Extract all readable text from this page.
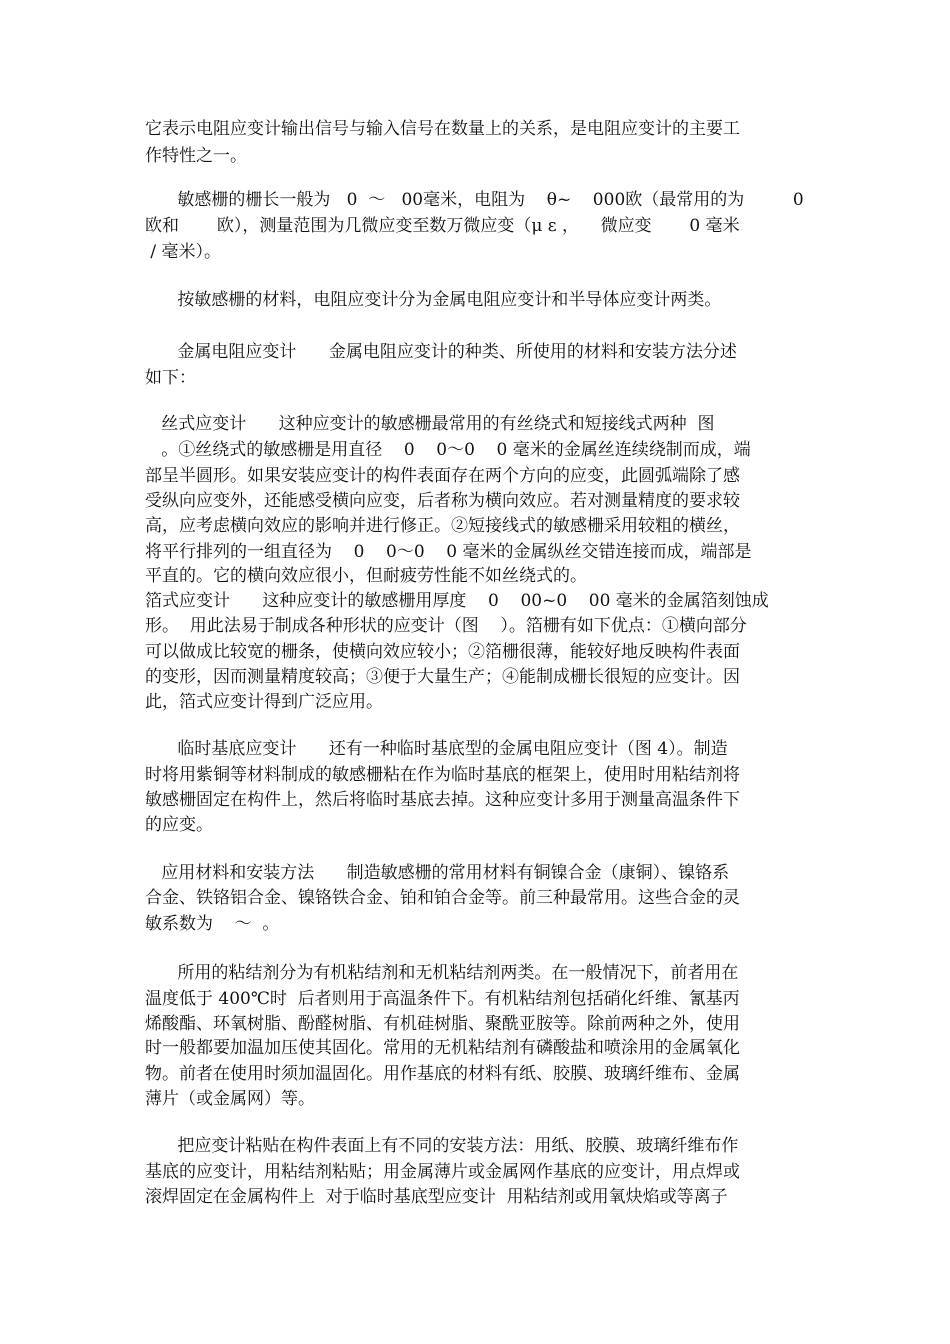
它表示电阻应变计输出信号与输入信号在数量上的关系，是电阻应变计的主要工
作特性之一。
敏感栅的栅长一般为   0  ～   00毫米，电阻为    θ~    000欧（最常用的为         0
欧和       欧），测量范围为几微应变至数万微应变（μ ε ，    微应变       0 毫米
/ 毫米）。
按敏感栅的材料，电阻应变计分为金属电阻应变计和半导体应变计两类。
金属电阻应变计      金属电阻应变计的种类、所使用的材料和安装方法分述
如下：
丝式应变计      这种应变计的敏感栅最常用的有丝绕式和短接线式两种  图
。①丝绕式的敏感栅是用直径    0    0～0    0 毫米的金属丝连续绕制而成，端
部呈半圆形。如果安装应变计的构件表面存在两个方向的应变，此圆弧端除了感
受纵向应变外，还能感受横向应变，后者称为横向效应。若对测量精度的要求较
高，应考虑横向效应的影响并进行修正。②短接线式的敏感栅采用较粗的横丝，
将平行排列的一组直径为    0    0～0    0 毫米的金属纵丝交错连接而成，端部是
平直的。它的横向效应很小，但耐疲劳性能不如丝绕式的。
箔式应变计      这种应变计的敏感栅用厚度    0    00~0    00 毫米的金属箔刻蚀成
形。  用此法易于制成各种形状的应变计（图    ）。箔栅有如下优点：①横向部分
可以做成比较宽的栅条，使横向效应较小；②箔栅很薄，能较好地反映构件表面
的变形，因而测量精度较高；③便于大量生产；④能制成栅长很短的应变计。因
此，箔式应变计得到广泛应用。
临时基底应变计      还有一种临时基底型的金属电阻应变计（图 4）。制造
时将用紫铜等材料制成的敏感栅粘在作为临时基底的框架上，使用时用粘结剂将
敏感栅固定在构件上，然后将临时基底去掉。这种应变计多用于测量高温条件下
的应变。
应用材料和安装方法      制造敏感栅的常用材料有铜镍合金（康铜）、镍铬系
合金、铁铬铝合金、镍铬铁合金、铂和铂合金等。前三种最常用。这些合金的灵
敏系数为    ～  。
所用的粘结剂分为有机粘结剂和无机粘结剂两类。在一般情况下，前者用在
温度低于 400℃时  后者则用于高温条件下。有机粘结剂包括硝化纤维、氰基丙
烯酸酯、环氧树脂、酚醛树脂、有机硅树脂、聚酰亚胺等。除前两种之外，使用
时一般都要加温加压使其固化。常用的无机粘结剂有磷酸盐和喷涂用的金属氧化
物。前者在使用时须加温固化。用作基底的材料有纸、胶膜、玻璃纤维布、金属
薄片（或金属网）等。
把应变计粘贴在构件表面上有不同的安装方法：用纸、胶膜、玻璃纤维布作
基底的应变计，用粘结剂粘贴；用金属薄片或金属网作基底的应变计，用点焊或
滚焊固定在金属构件上  对于临时基底型应变计  用粘结剂或用氧炔焰或等离子
